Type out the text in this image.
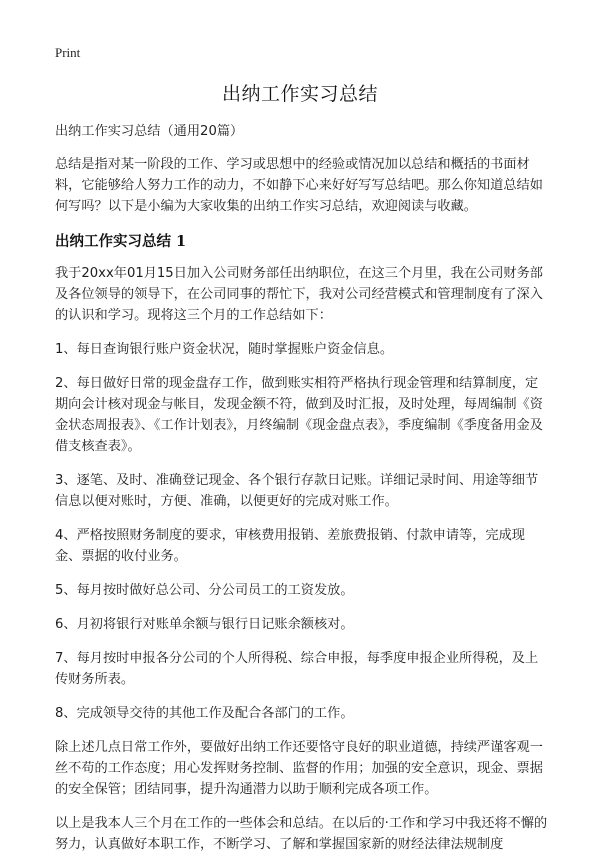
Print
出纳工作实习总结

出纳工作实习总结（通用20篇）

总结是指对某一阶段的工作、学习或思想中的经验或情况加以总结和概括的书面材料，它能够给人努力工作的动力，不如静下心来好好写写总结吧。那么你知道总结如何写吗？以下是小编为大家收集的出纳工作实习总结，欢迎阅读与收藏。

出纳工作实习总结 1

我于20xx年01月15日加入公司财务部任出纳职位，在这三个月里，我在公司财务部及各位领导的领导下，在公司同事的帮忙下，我对公司经营模式和管理制度有了深入的认识和学习。现将这三个月的工作总结如下：

1、每日查询银行账户资金状况，随时掌握账户资金信息。

2、每日做好日常的现金盘存工作，做到账实相符严格执行现金管理和结算制度，定期向会计核对现金与帐目，发现金额不符，做到及时汇报，及时处理，每周编制《资金状态周报表》、《工作计划表》，月终编制《现金盘点表》，季度编制《季度备用金及借支核查表》。

3、逐笔、及时、准确登记现金、各个银行存款日记账。详细记录时间、用途等细节信息以便对账时，方便、准确，以便更好的完成对账工作。

4、严格按照财务制度的要求，审核费用报销、差旅费报销、付款申请等，完成现金、票据的收付业务。

5、每月按时做好总公司、分公司员工的工资发放。

6、月初将银行对账单余额与银行日记账余额核对。

7、每月按时申报各分公司的个人所得税、综合申报，每季度申报企业所得税，及上传财务所表。

8、完成领导交待的其他工作及配合各部门的工作。

除上述几点日常工作外，要做好出纳工作还要恪守良好的职业道德，持续严谨客观一丝不苟的工作态度；用心发挥财务控制、监督的作用；加强的安全意识，现金、票据的安全保管；团结同事，提升沟通潜力以助于顺利完成各项工作。

以上是我本人三个月在工作的一些体会和总结。在以后的·工作和学习中我还将不懈的努力，认真做好本职工作，不断学习、了解和掌握国家新的财经法律法规制度
